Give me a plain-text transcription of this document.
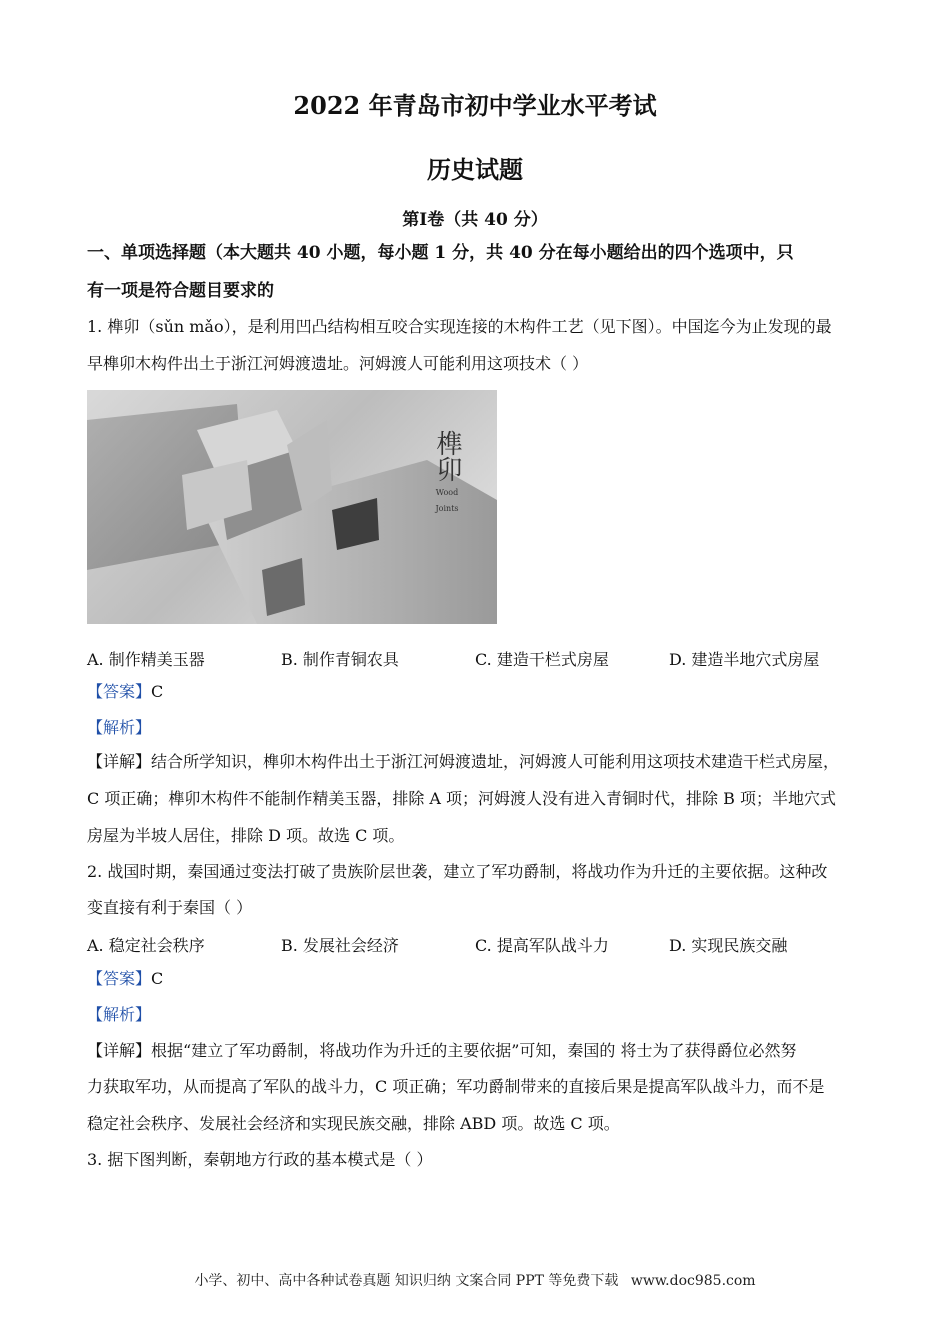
2022 年青岛市初中学业水平考试
历史试题
第Ⅰ卷（共 40 分）
一、单项选择题（本大题共 40 小题，每小题 1 分，共 40 分在每小题给出的四个选项中，只
有一项是符合题目要求的
1. 榫卯（sǔn mǎo），是利用凹凸结构相互咬合实现连接的木构件工艺（见下图）。中国迄今为止发现的最
早榫卯木构件出土于浙江河姆渡遗址。河姆渡人可能利用这项技术（ ）
榫卯
Wood
Joints
A. 制作精美玉器	B. 制作青铜农具	C. 建造干栏式房屋	D. 建造半地穴式房屋
【答案】C
【解析】
【详解】结合所学知识，榫卯木构件出土于浙江河姆渡遗址，河姆渡人可能利用这项技术建造干栏式房屋，
C 项正确；榫卯木构件不能制作精美玉器，排除 A 项；河姆渡人没有进入青铜时代，排除 B 项；半地穴式
房屋为半坡人居住，排除 D 项。故选 C 项。
2. 战国时期，秦国通过变法打破了贵族阶层世袭，建立了军功爵制，将战功作为升迁的主要依据。这种改
变直接有利于秦国（ ）
A. 稳定社会秩序	B. 发展社会经济	C. 提高军队战斗力	D. 实现民族交融
【答案】C
【解析】
【详解】根据“建立了军功爵制，将战功作为升迁的主要依据”可知，秦国的 将士为了获得爵位必然努
力获取军功，从而提高了军队的战斗力，C 项正确；军功爵制带来的直接后果是提高军队战斗力，而不是
稳定社会秩序、发展社会经济和实现民族交融，排除 ABD 项。故选 C 项。
3. 据下图判断，秦朝地方行政的基本模式是（ ）
小学、初中、高中各种试卷真题 知识归纳 文案合同 PPT 等免费下载 www.doc985.com
